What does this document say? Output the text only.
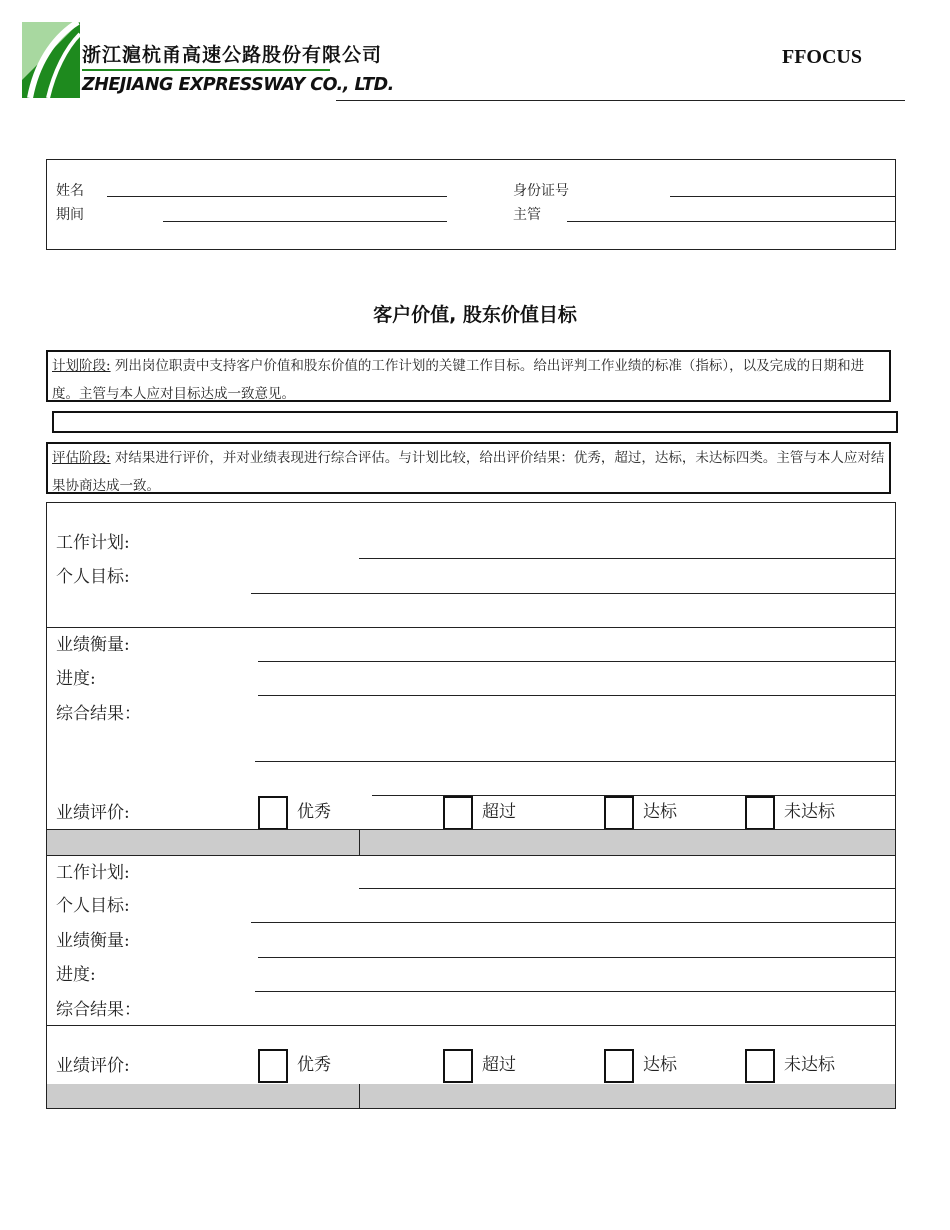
浙江滬杭甬高速公路股份有限公司
ZHEJIANG EXPRESSWAY CO., LTD.
FFOCUS
姓名	身份证号
期间	主管
客户价值, 股东价值目标
计划阶段: 列出岗位职责中支持客户价值和股东价值的工作计划的关键工作目标。给出评判工作业绩的标准（指标），以及完成的日期和进度。主管与本人应对目标达成一致意见。
评估阶段: 对结果进行评价，并对业绩表现进行综合评估。与计划比较，给出评价结果：优秀，超过，达标，未达标四类。主管与本人应对结果协商达成一致。
工作计划:
个人目标:
业绩衡量:
进度:
综合结果：
业绩评价:	优秀	超过	达标	未达标
工作计划:
个人目标:
业绩衡量:
进度:
综合结果：
业绩评价:	优秀	超过	达标	未达标
